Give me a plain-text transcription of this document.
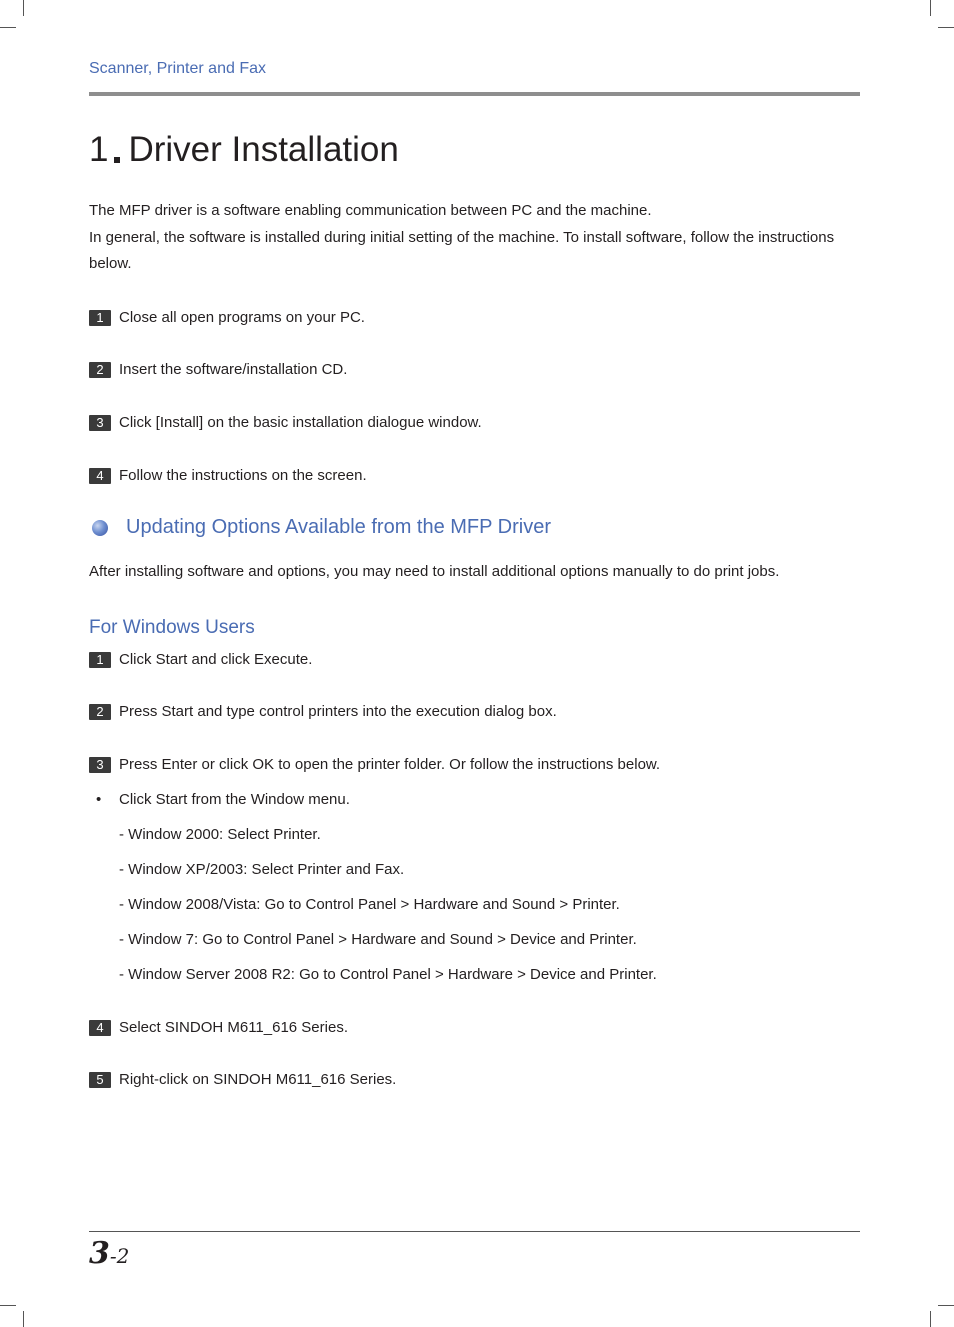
Scanner, Printer and Fax
1 Driver Installation
The MFP driver is a software enabling communication between PC and the machine.
In general, the software is installed during initial setting of the machine. To install software, follow the instructions below.
1	Close all open programs on your PC.
2	Insert the software/installation CD.
3	Click [Install] on the basic installation dialogue window.
4	Follow the instructions on the screen.
Updating Options Available from the MFP Driver
After installing software and options, you may need to install additional options manually to do print jobs.
For Windows Users
1	Click Start and click Execute.
2	Press Start and type control printers into the execution dialog box.
3	Press Enter or click OK to open the printer folder. Or follow the instructions below.
• Click Start from the Window menu.
- Window 2000: Select Printer.
- Window XP/2003: Select Printer and Fax.
- Window 2008/Vista: Go to Control Panel > Hardware and Sound > Printer.
- Window 7: Go to Control Panel > Hardware and Sound > Device and Printer.
- Window Server 2008 R2: Go to Control Panel > Hardware > Device and Printer.
4	Select SINDOH M611_616 Series.
5	Right-click on SINDOH M611_616 Series.
3-2
